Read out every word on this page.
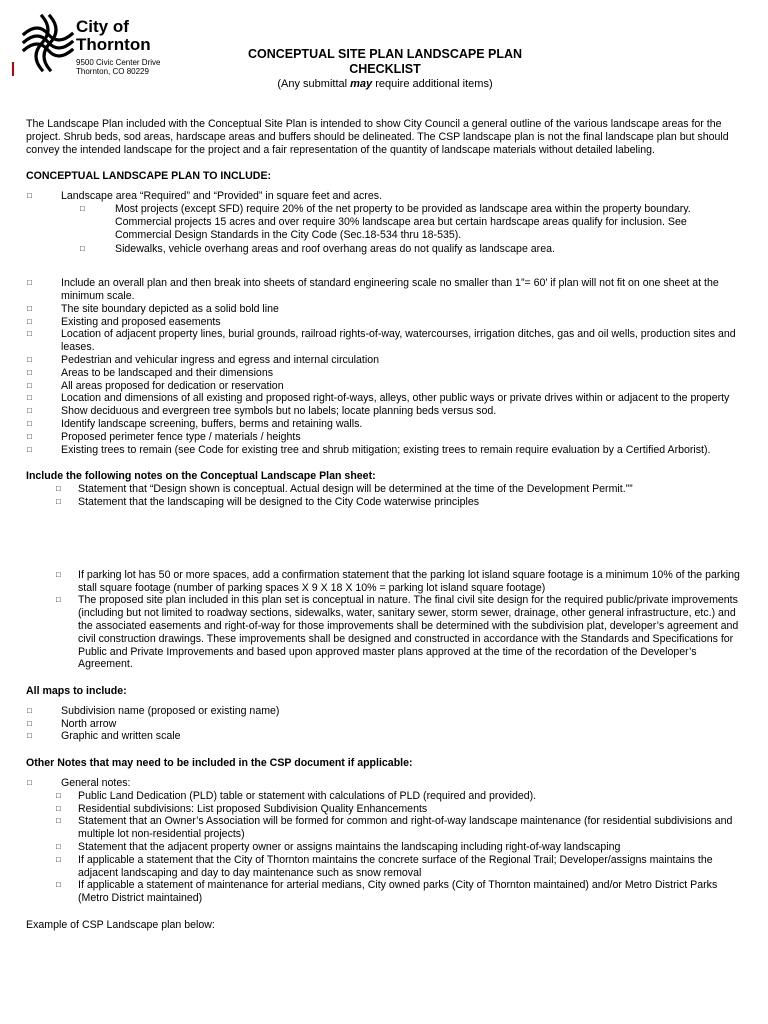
City of
Thornton
9500 Civic Center Drive
Thornton, CO 80229
CONCEPTUAL SITE PLAN LANDSCAPE PLAN
CHECKLIST
(Any submittal may require additional items)

The Landscape Plan included with the Conceptual Site Plan is intended to show City Council a general outline of the various landscape areas for the project. Shrub beds, sod areas, hardscape areas and buffers should be delineated. The CSP landscape plan is not the final landscape plan but should convey the intended landscape for the project and a fair representation of the quantity of landscape materials without detailed labeling.

CONCEPTUAL LANDSCAPE PLAN TO INCLUDE:

□ Landscape area “Required” and “Provided” in square feet and acres.

□ Most projects (except SFD) require 20% of the net property to be provided as landscape area within the property boundary. Commercial projects 15 acres and over require 30% landscape area but certain hardscape areas qualify for inclusion. See Commercial Design Standards in the City Code (Sec.18-534 thru 18-535).

□ Sidewalks, vehicle overhang areas and roof overhang areas do not qualify as landscape area.

□ Include an overall plan and then break into sheets of standard engineering scale no smaller than 1”= 60’ if plan will not fit on one sheet at the minimum scale.

□ The site boundary depicted as a solid bold line

□ Existing and proposed easements

□ Location of adjacent property lines, burial grounds, railroad rights-of-way, watercourses, irrigation ditches, gas and oil wells, production sites and leases.

□ Pedestrian and vehicular ingress and egress and internal circulation

□ Areas to be landscaped and their dimensions

□ All areas proposed for dedication or reservation

□ Location and dimensions of all existing and proposed right-of-ways, alleys, other public ways or private drives within or adjacent to the property

□ Show deciduous and evergreen tree symbols but no labels; locate planning beds versus sod.

□ Identify landscape screening, buffers, berms and retaining walls.

□ Proposed perimeter fence type / materials / heights

□ Existing trees to remain (see Code for existing tree and shrub mitigation; existing trees to remain require evaluation by a Certified Arborist).

Include the following notes on the Conceptual Landscape Plan sheet:

□ Statement that “Design shown is conceptual. Actual design will be determined at the time of the Development Permit.””

□ Statement that the landscaping will be designed to the City Code waterwise principles

□ If parking lot has 50 or more spaces, add a confirmation statement that the parking lot island square footage is a minimum 10% of the parking stall square footage (number of parking spaces X 9 X 18 X 10% = parking lot island square footage)

□ The proposed site plan included in this plan set is conceptual in nature. The final civil site design for the required public/private improvements (including but not limited to roadway sections, sidewalks, water, sanitary sewer, storm sewer, drainage, other general infrastructure, etc.) and the associated easements and right-of-way for those improvements shall be determined with the subdivision plat, developer’s agreement and civil construction drawings. These improvements shall be designed and constructed in accordance with the Standards and Specifications for Public and Private Improvements and based upon approved master plans approved at the time of the recordation of the Developer’s Agreement.

All maps to include:

□ Subdivision name (proposed or existing name)

□ North arrow

□ Graphic and written scale

Other Notes that may need to be included in the CSP document if applicable:

□ General notes:

□ Public Land Dedication (PLD) table or statement with calculations of PLD (required and provided).

□ Residential subdivisions: List proposed Subdivision Quality Enhancements

□ Statement that an Owner’s Association will be formed for common and right-of-way landscape maintenance (for residential subdivisions and multiple lot non-residential projects)

□ Statement that the adjacent property owner or assigns maintains the landscaping including right-of-way landscaping

□ If applicable a statement that the City of Thornton maintains the concrete surface of the Regional Trail; Developer/assigns maintains the adjacent landscaping and day to day maintenance such as snow removal

□ If applicable a statement of maintenance for arterial medians, City owned parks (City of Thornton maintained) and/or Metro District Parks (Metro District maintained)

Example of CSP Landscape plan below:
